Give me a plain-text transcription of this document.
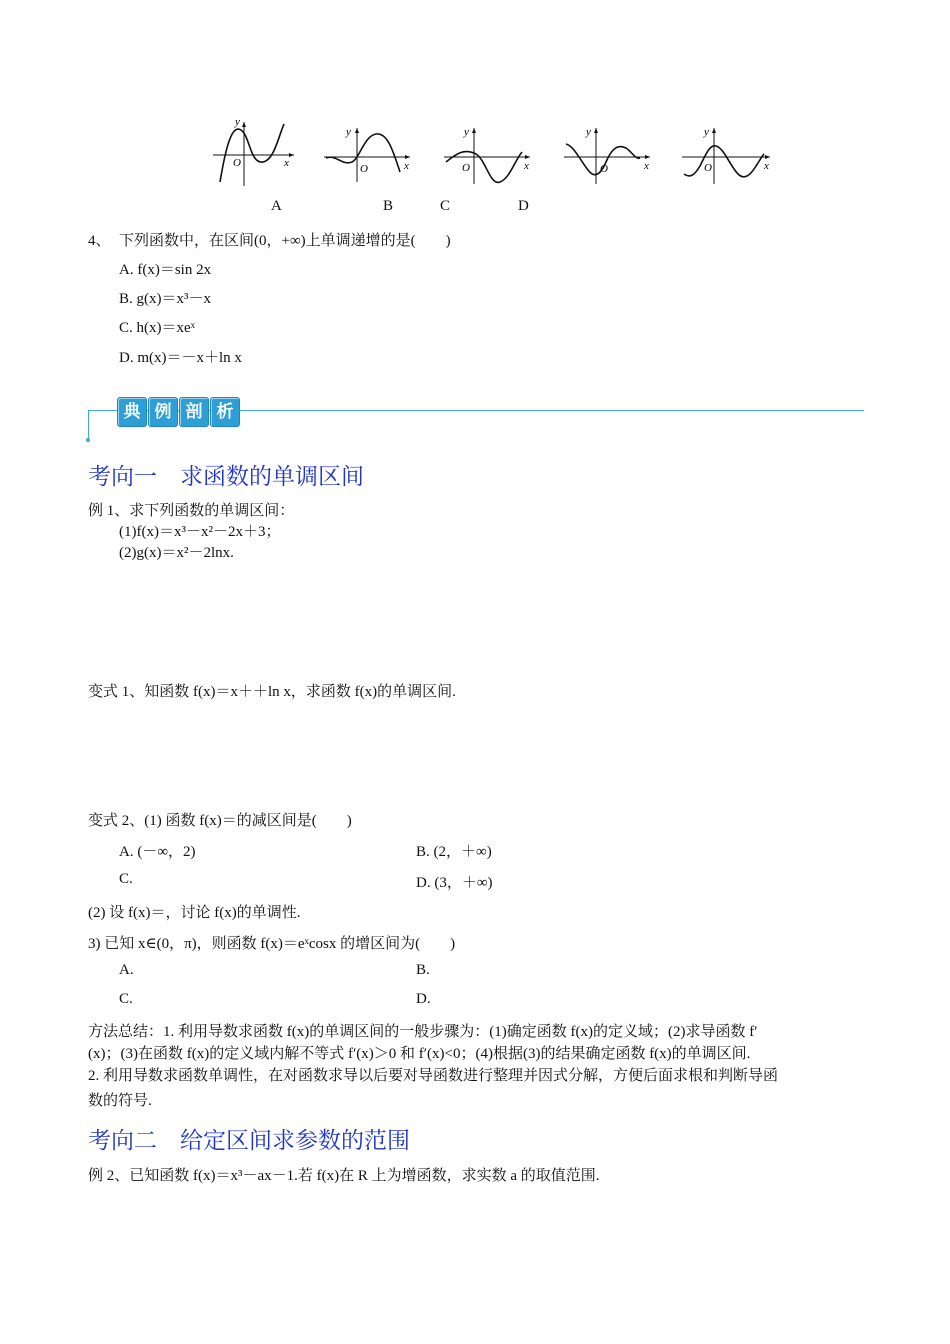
y
x
O
y
x
O
y
x
O
y
x
O
y
x
O
A	B	C	D
4、 下列函数中，在区间(0，+∞)上单调递增的是(　　)
A. f(x)＝sin 2x
B. g(x)＝x³－x
C. h(x)＝xeˣ
D. m(x)＝－x＋ln x
典 例 剖 析
考向一　求函数的单调区间
例 1、求下列函数的单调区间：
(1)f(x)＝x³－x²－2x＋3；
(2)g(x)＝x²－2lnx.
变式 1、知函数 f(x)＝x＋＋ln x，求函数 f(x)的单调区间.
变式 2、(1) 函数 f(x)＝的减区间是(　　)
A. (－∞，2)	B. (2，＋∞)
C.	D. (3，＋∞)
(2) 设 f(x)＝，讨论 f(x)的单调性.
3) 已知 x∈(0，π)，则函数 f(x)＝eˣcosx 的增区间为(　　)
A.	B.
C.	D.
方法总结：1. 利用导数求函数 f(x)的单调区间的一般步骤为：(1)确定函数 f(x)的定义域；(2)求导函数 f′
(x)；(3)在函数 f(x)的定义域内解不等式 f′(x)＞0 和 f′(x)<0；(4)根据(3)的结果确定函数 f(x)的单调区间.
2. 利用导数求函数单调性，在对函数求导以后要对导函数进行整理并因式分解，方便后面求根和判断导函
数的符号.
考向二　给定区间求参数的范围
例 2、已知函数 f(x)＝x³－ax－1.若 f(x)在 R 上为增函数，求实数 a 的取值范围.
